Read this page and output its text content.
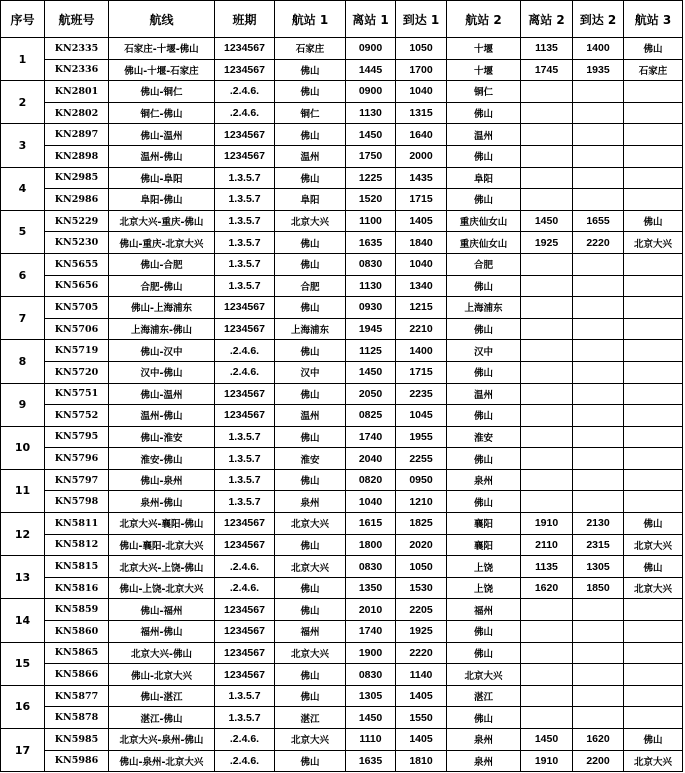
序号	航班号	航线	班期	航站 1	离站 1	到达 1	航站 2	离站 2	到达 2	航站 3
1	KN2335	石家庄-十堰-佛山	1234567	石家庄	0900	1050	十堰	1135	1400	佛山
	KN2336	佛山-十堰-石家庄	1234567	佛山	1445	1700	十堰	1745	1935	石家庄
2	KN2801	佛山-铜仁	.2.4.6.	佛山	0900	1040	铜仁			
	KN2802	铜仁-佛山	.2.4.6.	铜仁	1130	1315	佛山			
3	KN2897	佛山-温州	1234567	佛山	1450	1640	温州			
	KN2898	温州-佛山	1234567	温州	1750	2000	佛山			
4	KN2985	佛山-阜阳	1.3.5.7	佛山	1225	1435	阜阳			
	KN2986	阜阳-佛山	1.3.5.7	阜阳	1520	1715	佛山			
5	KN5229	北京大兴-重庆-佛山	1.3.5.7	北京大兴	1100	1405	重庆仙女山	1450	1655	佛山
	KN5230	佛山-重庆-北京大兴	1.3.5.7	佛山	1635	1840	重庆仙女山	1925	2220	北京大兴
6	KN5655	佛山-合肥	1.3.5.7	佛山	0830	1040	合肥			
	KN5656	合肥-佛山	1.3.5.7	合肥	1130	1340	佛山			
7	KN5705	佛山-上海浦东	1234567	佛山	0930	1215	上海浦东			
	KN5706	上海浦东-佛山	1234567	上海浦东	1945	2210	佛山			
8	KN5719	佛山-汉中	.2.4.6.	佛山	1125	1400	汉中			
	KN5720	汉中-佛山	.2.4.6.	汉中	1450	1715	佛山			
9	KN5751	佛山-温州	1234567	佛山	2050	2235	温州			
	KN5752	温州-佛山	1234567	温州	0825	1045	佛山			
10	KN5795	佛山-淮安	1.3.5.7	佛山	1740	1955	淮安			
	KN5796	淮安-佛山	1.3.5.7	淮安	2040	2255	佛山			
11	KN5797	佛山-泉州	1.3.5.7	佛山	0820	0950	泉州			
	KN5798	泉州-佛山	1.3.5.7	泉州	1040	1210	佛山			
12	KN5811	北京大兴-襄阳-佛山	1234567	北京大兴	1615	1825	襄阳	1910	2130	佛山
	KN5812	佛山-襄阳-北京大兴	1234567	佛山	1800	2020	襄阳	2110	2315	北京大兴
13	KN5815	北京大兴-上饶-佛山	.2.4.6.	北京大兴	0830	1050	上饶	1135	1305	佛山
	KN5816	佛山-上饶-北京大兴	.2.4.6.	佛山	1350	1530	上饶	1620	1850	北京大兴
14	KN5859	佛山-福州	1234567	佛山	2010	2205	福州			
	KN5860	福州-佛山	1234567	福州	1740	1925	佛山			
15	KN5865	北京大兴-佛山	1234567	北京大兴	1900	2220	佛山			
	KN5866	佛山-北京大兴	1234567	佛山	0830	1140	北京大兴			
16	KN5877	佛山-湛江	1.3.5.7	佛山	1305	1405	湛江			
	KN5878	湛江-佛山	1.3.5.7	湛江	1450	1550	佛山			
17	KN5985	北京大兴-泉州-佛山	.2.4.6.	北京大兴	1110	1405	泉州	1450	1620	佛山
	KN5986	佛山-泉州-北京大兴	.2.4.6.	佛山	1635	1810	泉州	1910	2200	北京大兴
